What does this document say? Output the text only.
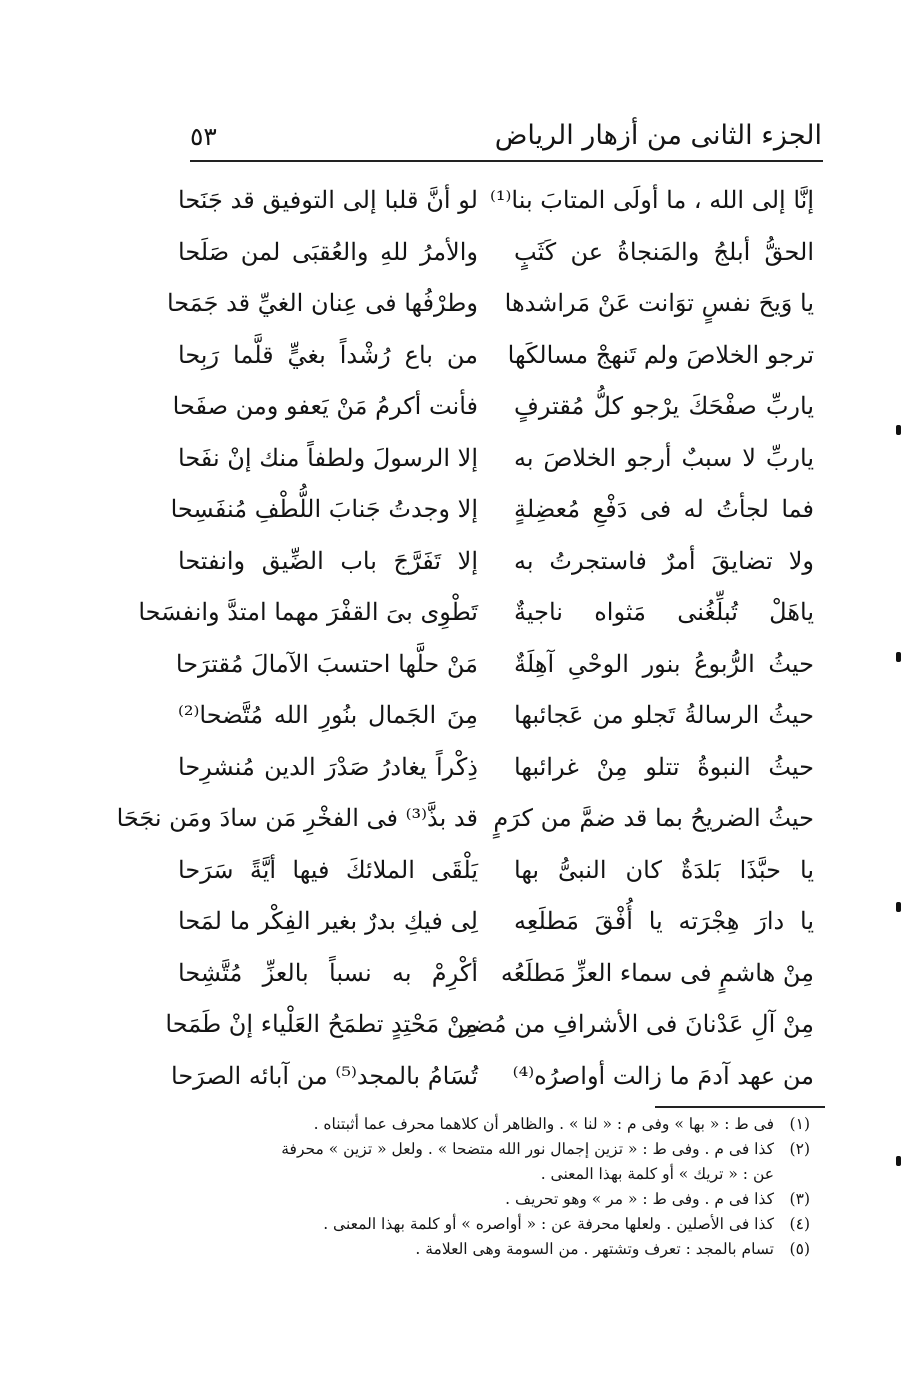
الجزء الثانى من أزهار الرياض
٥٣
إنَّا إلى الله ، ما أولَى المتابَ بنا⁽¹⁾
لو أنَّ قلبا إلى التوفيق قد جَنَحا
الحقُّ أبلجُ والمَنجاةُ عن كَثَبٍ
والأمرُ للهِ والعُقبَى لمن صَلَحا
يا وَيحَ نفسٍ توَانت عَنْ مَراشدها
وطرْفُها فى عِنان الغيِّ قد جَمَحا
ترجو الخلاصَ ولم تَنهجْ مسالكَها
من باع رُشْداً بغيٍّ قلَّما رَبِحا
ياربِّ صفْحَكَ يرْجو كلُّ مُقترفٍ
فأنت أكرمُ مَنْ يَعفو ومن صفَحا
ياربِّ لا سببٌ أرجو الخلاصَ به
إلا الرسولَ ولطفاً منك إنْ نفَحا
فما لجأتُ له فى دَفْعِ مُعضِلةٍ
إلا وجدتُ جَنابَ اللُّطْفِ مُنفَسِحا
ولا تضايقَ أمرٌ فاستجرتُ به
إلا تَفَرَّجَ باب الضِّيق وانفتحا
ياهَلْ تُبلِّغُنى مَثواه ناجيةٌ
تَطْوِى بىَ القفْرَ مهما امتدَّ وانفسَحا
حيثُ الرُّبوعُ بنور الوحْىِ آهِلَةٌ
مَنْ حلَّها احتسبَ الآمالَ مُقترَحا
حيثُ الرسالةُ تَجلو من عَجائبها
مِنَ الجَمال بنُورِ الله مُتَّضحا⁽²⁾
حيثُ النبوةُ تتلو مِنْ غرائبها
ذِكْراً يغادرُ صَدْرَ الدين مُنشرِحا
حيثُ الضريحُ بما قد ضمَّ من كرَمٍ
قد بذَّ⁽³⁾ فى الفخْرِ مَن سادَ ومَن نجَحَا
يا حبَّذَا بَلدَةٌ كان النبىُّ بها
يَلْقَى الملائكَ فيها أيَّةً سَرَحا
يا دارَ هِجْرَته يا أُفْقَ مَطلَعِه
لِى فيكِ بدرٌ بغير الفِكْر ما لمَحا
مِنْ هاشمٍ فى سماء العزِّ مَطلَعُه
أكْرِمْ به نسباً بالعزِّ مُتَّشِحا
مِنْ آلِ عَدْنانَ فى الأشرافِ من مُضر
مِنْ مَحْتِدٍ تطمَحُ العَلْياء إنْ طَمَحا
من عهد آدمَ ما زالت أواصرُه⁽⁴⁾
تُسَامُ بالمجد⁽⁵⁾ من آبائه الصرَحا
(١)فى ط : « بها » وفى م : « لنا » . والظاهر أن كلاهما محرف عما أثبتناه .
(٢)كذا فى م . وفى ط : « تزين إجمال نور الله متضحا » . ولعل « تزين » محرفة
عن : « تريك » أو كلمة بهذا المعنى .
(٣)كذا فى م . وفى ط : « مر » وهو تحريف .
(٤)كذا فى الأصلين . ولعلها محرفة عن : « أواصره » أو كلمة بهذا المعنى .
(٥)تسام بالمجد : تعرف وتشتهر . من السومة وهى العلامة .
